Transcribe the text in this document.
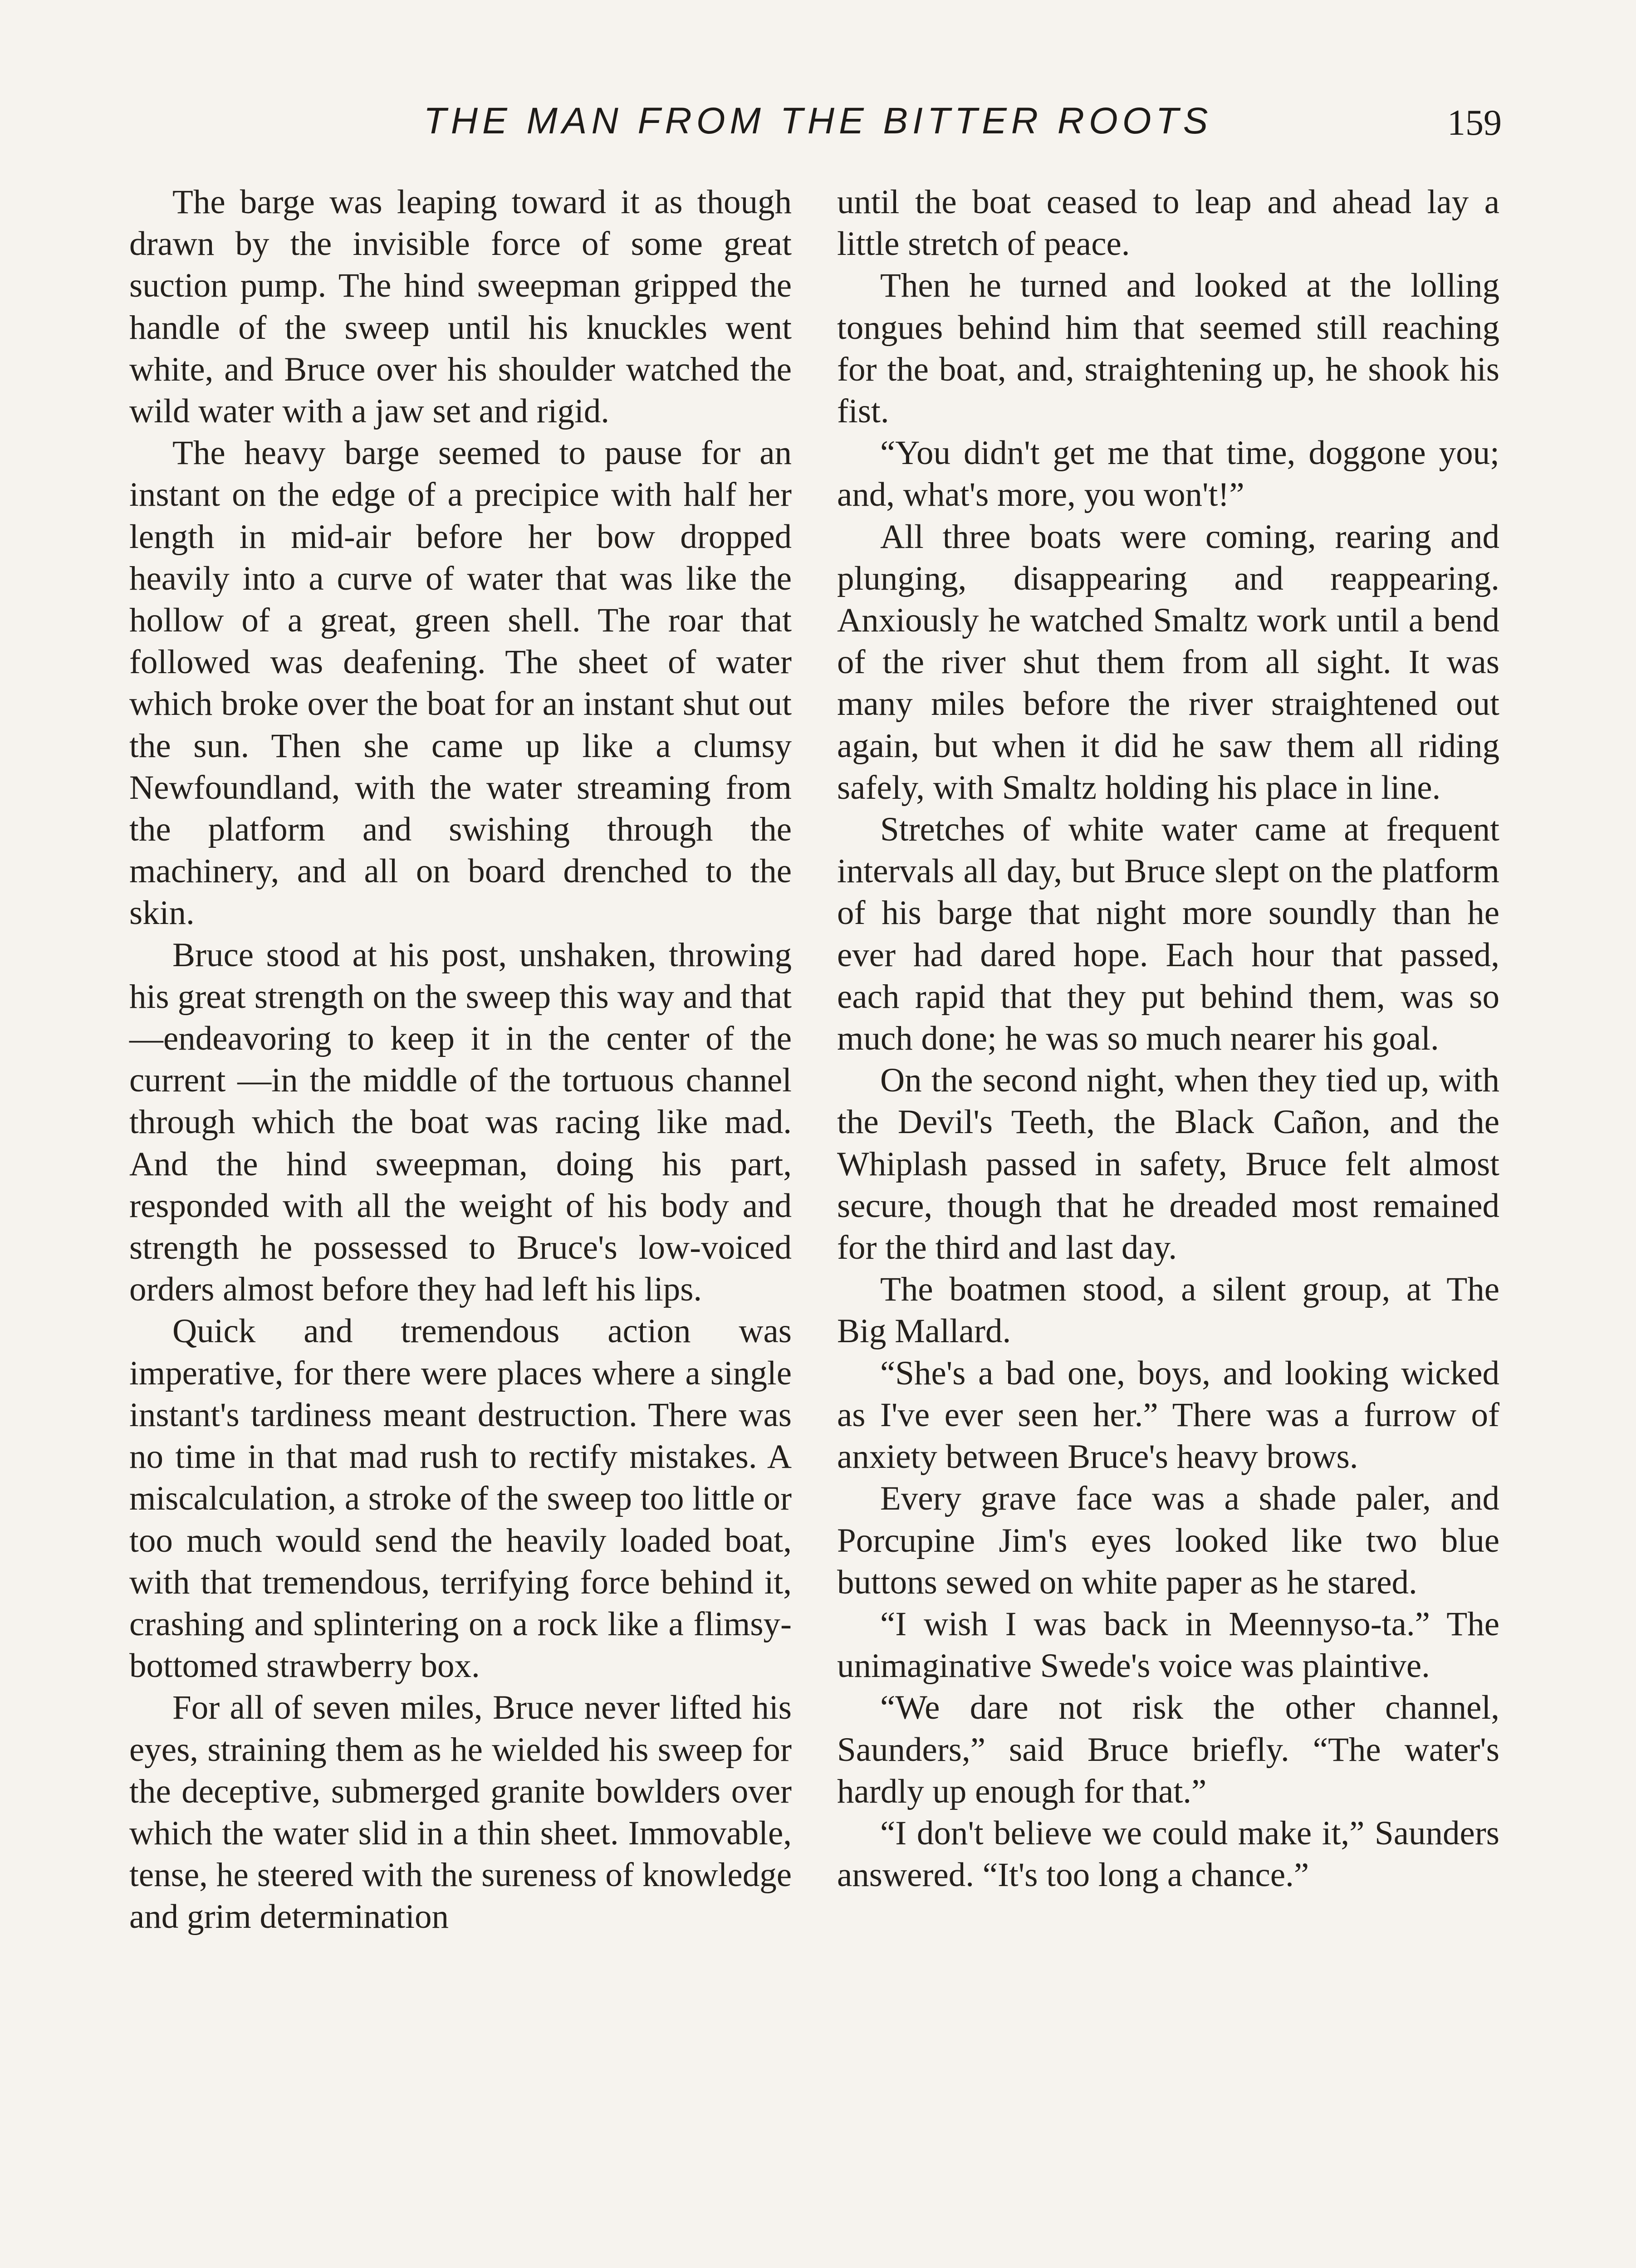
THE MAN FROM THE BITTER ROOTS	159

The barge was leaping toward it as though drawn by the invisible force of some great suction pump. The hind sweepman gripped the handle of the sweep until his knuckles went white, and Bruce over his shoulder watched the wild water with a jaw set and rigid.

The heavy barge seemed to pause for an instant on the edge of a precipice with half her length in mid-air before her bow dropped heavily into a curve of water that was like the hollow of a great, green shell. The roar that followed was deafening. The sheet of water which broke over the boat for an instant shut out the sun. Then she came up like a clumsy Newfoundland, with the water streaming from the platform and swishing through the machinery, and all on board drenched to the skin.

Bruce stood at his post, unshaken, throwing his great strength on the sweep this way and that—endeavoring to keep it in the center of the current —in the middle of the tortuous channel through which the boat was racing like mad. And the hind sweepman, doing his part, responded with all the weight of his body and strength he possessed to Bruce's low-voiced orders almost before they had left his lips.

Quick and tremendous action was imperative, for there were places where a single instant's tardiness meant destruction. There was no time in that mad rush to rectify mistakes. A miscalculation, a stroke of the sweep too little or too much would send the heavily loaded boat, with that tremendous, terrifying force behind it, crashing and splintering on a rock like a flimsy-bottomed strawberry box.

For all of seven miles, Bruce never lifted his eyes, straining them as he wielded his sweep for the deceptive, submerged granite bowlders over which the water slid in a thin sheet. Immovable, tense, he steered with the sureness of knowledge and grim determination

until the boat ceased to leap and ahead lay a little stretch of peace.

Then he turned and looked at the lolling tongues behind him that seemed still reaching for the boat, and, straightening up, he shook his fist.

“You didn't get me that time, doggone you; and, what's more, you won't!”

All three boats were coming, rearing and plunging, disappearing and reappearing. Anxiously he watched Smaltz work until a bend of the river shut them from all sight. It was many miles before the river straightened out again, but when it did he saw them all riding safely, with Smaltz holding his place in line.

Stretches of white water came at frequent intervals all day, but Bruce slept on the platform of his barge that night more soundly than he ever had dared hope. Each hour that passed, each rapid that they put behind them, was so much done; he was so much nearer his goal.

On the second night, when they tied up, with the Devil's Teeth, the Black Cañon, and the Whiplash passed in safety, Bruce felt almost secure, though that he dreaded most remained for the third and last day.

The boatmen stood, a silent group, at The Big Mallard.

“She's a bad one, boys, and looking wicked as I've ever seen her.” There was a furrow of anxiety between Bruce's heavy brows.

Every grave face was a shade paler, and Porcupine Jim's eyes looked like two blue buttons sewed on white paper as he stared.

“I wish I was back in Meennyso-ta.” The unimaginative Swede's voice was plaintive.

“We dare not risk the other channel, Saunders,” said Bruce briefly. “The water's hardly up enough for that.”

“I don't believe we could make it,” Saunders answered. “It's too long a chance.”
